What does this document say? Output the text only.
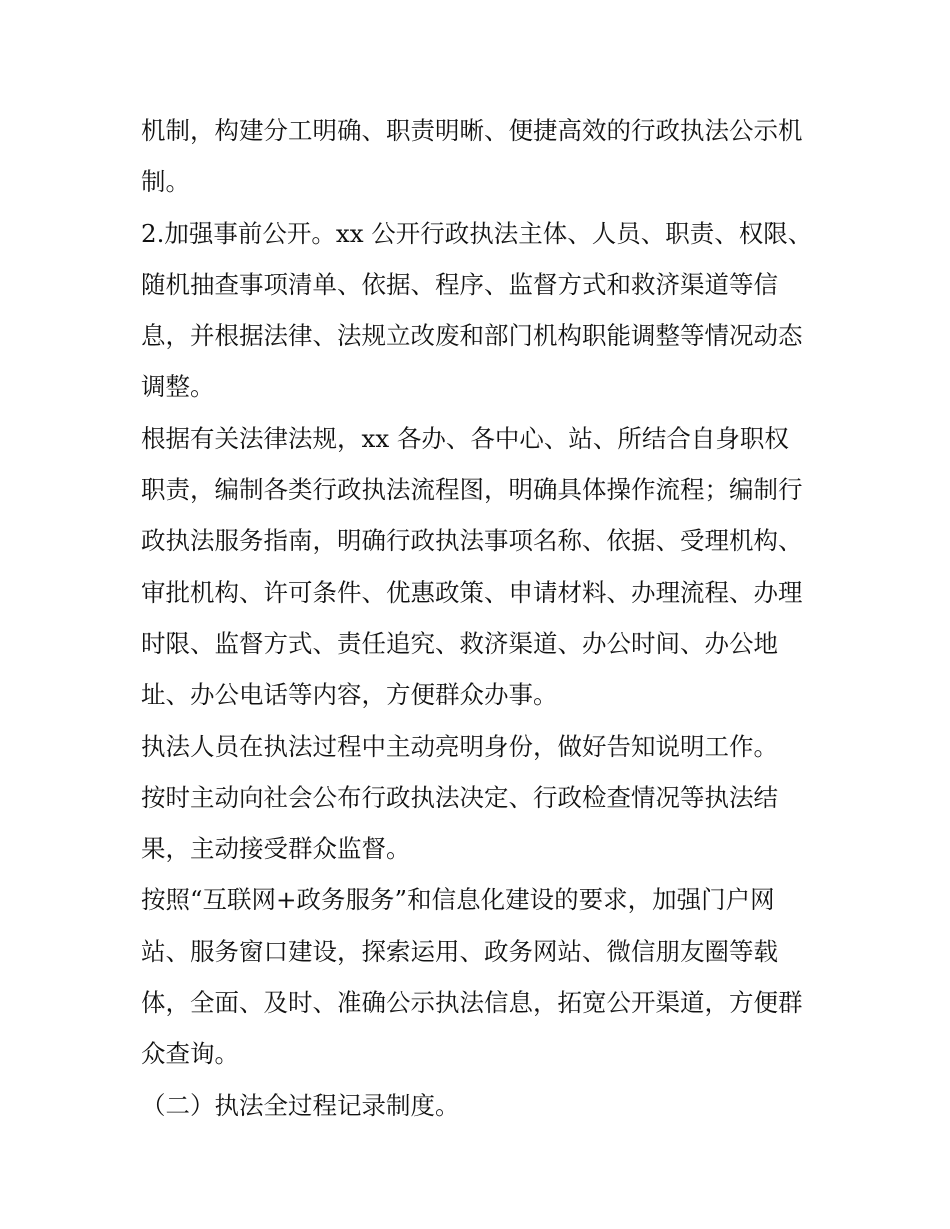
机制，构建分工明确、职责明晰、便捷高效的行政执法公示机
制。
2.加强事前公开。xx 公开行政执法主体、人员、职责、权限、
随机抽查事项清单、依据、程序、监督方式和救济渠道等信
息，并根据法律、法规立改废和部门机构职能调整等情况动态
调整。
根据有关法律法规，xx 各办、各中心、站、所结合自身职权
职责，编制各类行政执法流程图，明确具体操作流程；编制行
政执法服务指南，明确行政执法事项名称、依据、受理机构、
审批机构、许可条件、优惠政策、申请材料、办理流程、办理
时限、监督方式、责任追究、救济渠道、办公时间、办公地
址、办公电话等内容，方便群众办事。
执法人员在执法过程中主动亮明身份，做好告知说明工作。
按时主动向社会公布行政执法决定、行政检查情况等执法结
果，主动接受群众监督。
按照“互联网+政务服务”和信息化建设的要求，加强门户网
站、服务窗口建设，探索运用、政务网站、微信朋友圈等载
体，全面、及时、准确公示执法信息，拓宽公开渠道，方便群
众查询。
（二）执法全过程记录制度。
